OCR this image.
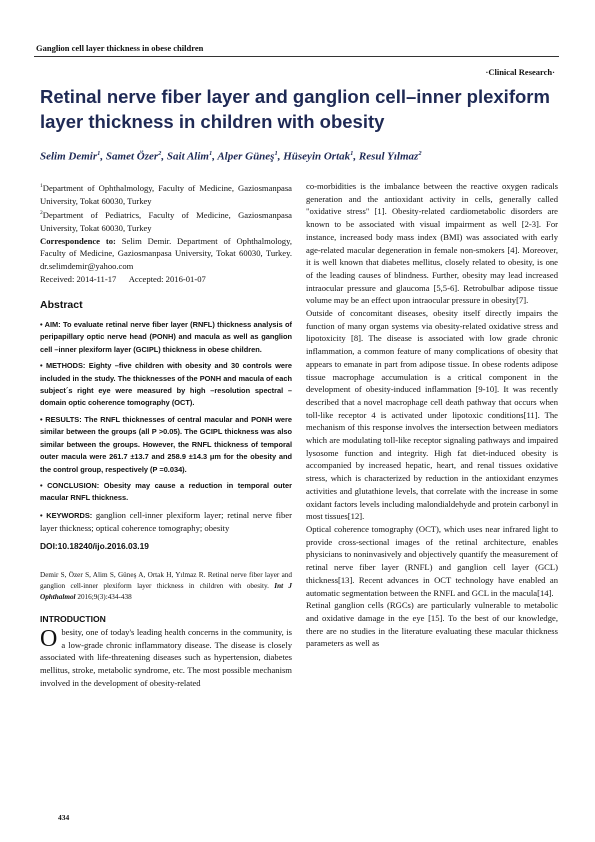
Ganglion cell layer thickness in obese children
·Clinical Research·
Retinal nerve fiber layer and ganglion cell–inner plexiform layer thickness in children with obesity
Selim Demir$^1$, Samet Özer$^2$, Sait Alim$^1$, Alper Güneş$^1$, Hüseyin Ortak$^1$, Resul Yılmaz$^2$

$^1$Department of Ophthalmology, Faculty of Medicine, Gaziosmanpasa University, Tokat 60030, Turkey

$^2$Department of Pediatrics, Faculty of Medicine, Gaziosmanpasa University, Tokat 60030, Turkey

Correspondence to: Selim Demir. Department of Ophthalmology, Faculty of Medicine, Gaziosmanpasa University, Tokat 60030, Turkey. dr.selimdemir@yahoo.com

Received: 2014-11-17      Accepted: 2016-01-07

Abstract

• AIM: To evaluate retinal nerve fiber layer (RNFL) thickness analysis of peripapillary optic nerve head (PONH) and macula as well as ganglion cell –inner plexiform layer (GCIPL) thickness in obese children.

• METHODS: Eighty –five children with obesity and 30 controls were included in the study. The thicknesses of the PONH and macula of each subject´s right eye were measured by high –resolution spectral –domain optic coherence tomography (OCT).

• RESULTS: The RNFL thicknesses of central macular and PONH were similar between the groups (all P >0.05). The GCIPL thickness was also similar between the groups. However, the RNFL thickness of temporal outer macula were 261.7 ±13.7 and 258.9 ±14.3 μm for the obesity and the control group, respectively (P =0.034).

• CONCLUSION: Obesity may cause a reduction in temporal outer macular RNFL thickness.

• KEYWORDS: ganglion cell-inner plexiform layer; retinal nerve fiber layer thickness; optical coherence tomography; obesity

DOI:10.18240/ijo.2016.03.19

Demir S, Özer S, Alim S, Güneş A, Ortak H, Yılmaz R. Retinal nerve fiber layer and ganglion cell-inner plexiform layer thickness in children with obesity. Int J Ophthalmol 2016;9(3):434-438

INTRODUCTION

Obesity, one of today's leading health concerns in the community, is a low-grade chronic inflammatory disease. The disease is closely associated with life-threatening diseases such as hypertension, diabetes mellitus, stroke, metabolic syndrome, etc. The most possible mechanism involved in the development of obesity-related

co-morbidities is the imbalance between the reactive oxygen radicals generation and the antioxidant activity in cells, generally called "oxidative stress" [1]. Obesity-related cardiometabolic disorders are known to be associated with visual impairment as well [2-3]. For instance, increased body mass index (BMI) was associated with early age-related macular degeneration in female non-smokers [4]. Moreover, it is well known that diabetes mellitus, closely related to obesity, is one of the leading causes of blindness. Further, obesity may lead increased intraocular pressure and glaucoma [5,5-6]. Retrobulbar adipose tissue volume may be an effect upon intraocular pressure in obesity[7].

Outside of concomitant diseases, obesity itself directly impairs the function of many organ systems via obesity-related oxidative stress and lipotoxicity [8]. The disease is associated with low grade chronic inflammation, a common feature of many complications of obesity that appears to emanate in part from adipose tissue. In obese rodents adipose tissue macrophage accumulation is a critical component in the development of obesity-induced inflammation [9-10]. It was recently described that a novel macrophage cell death pathway that occurs when toll-like receptor 4 is activated under lipotoxic conditions[11]. The mechanism of this response involves the intersection between mediators which are modulating toll-like receptor signaling pathways and impaired lysosome function and integrity. High fat diet-induced obesity is accompanied by increased hepatic, heart, and renal tissues oxidative stress, which is characterized by reduction in the antioxidant enzymes activities and glutathione levels, that correlate with the increase in some oxidant factors levels including malondialdehyde and protein carbonyl in most tissues[12].

Optical coherence tomography (OCT), which uses near infrared light to provide cross-sectional images of the retinal architecture, enables physicians to noninvasively and objectively quantify the measurement of retinal nerve fiber layer (RNFL) and ganglion cell layer (GCL) thickness[13]. Recent advances in OCT technology have enabled an automatic segmentation between the RNFL and GCL in the macula[14].

Retinal ganglion cells (RGCs) are particularly vulnerable to metabolic and oxidative damage in the eye [15]. To the best of our knowledge, there are no studies in the literature evaluating these macular thickness parameters as well as

434
